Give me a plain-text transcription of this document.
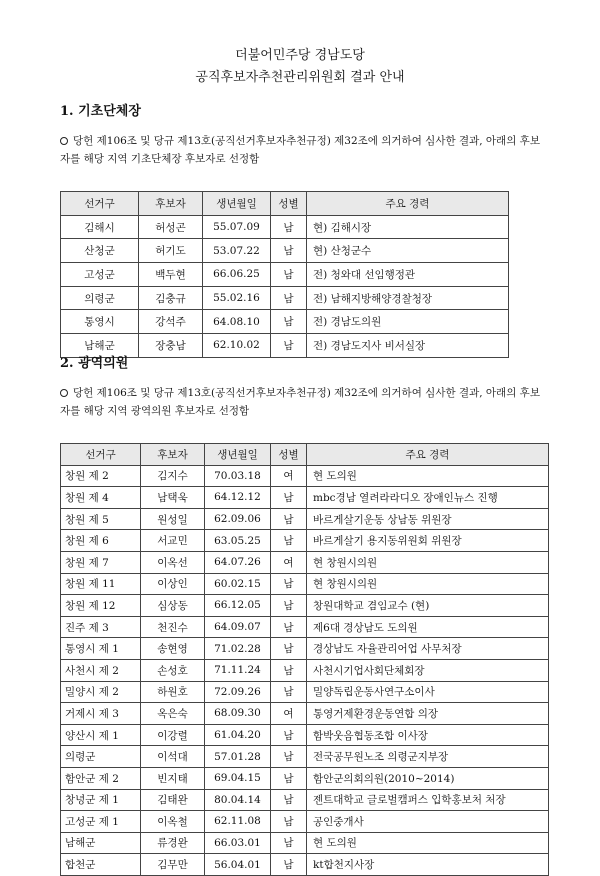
더불어민주당 경남도당
공직후보자추천관리위원회 결과 안내
1. 기초단체장
당헌 제106조 및 당규 제13호(공직선거후보자추천규정) 제32조에 의거하여 심사한 결과, 아래의 후보자를 해당 지역 기초단체장 후보자로 선정함
선거구	후보자	생년월일	성별	주요 경력
김해시	허성곤	55.07.09	남	현) 김해시장
산청군	허기도	53.07.22	남	현) 산청군수
고성군	백두현	66.06.25	남	전) 청와대 선임행정관
의령군	김충규	55.02.16	남	전) 남해지방해양경찰청장
통영시	강석주	64.08.10	남	전) 경남도의원
남해군	장충남	62.10.02	남	전) 경남도지사 비서실장
2. 광역의원
당헌 제106조 및 당규 제13호(공직선거후보자추천규정) 제32조에 의거하여 심사한 결과, 아래의 후보자를 해당 지역 광역의원 후보자로 선정함
선거구	후보자	생년월일	성별	주요 경력
창원 제 2	김지수	70.03.18	여	현 도의원
창원 제 4	남택욱	64.12.12	남	mbc경남 열려라라디오 장애인뉴스 진행
창원 제 5	원성일	62.09.06	남	바르게살기운동 상남동 위원장
창원 제 6	서교민	63.05.25	남	바르게살기 용지동위원회 위원장
창원 제 7	이옥선	64.07.26	여	현 창원시의원
창원 제 11	이상인	60.02.15	남	현 창원시의원
창원 제 12	심상동	66.12.05	남	창원대학교 겸임교수 (현)
진주 제 3	천진수	64.09.07	남	제6대 경상남도 도의원
통영시 제 1	송현영	71.02.28	남	경상남도 자율관리어업 사무처장
사천시 제 2	손성호	71.11.24	남	사천시기업사회단체회장
밀양시 제 2	하원호	72.09.26	남	밀양독립운동사연구소이사
거제시 제 3	옥은숙	68.09.30	여	통영거제환경운동연합 의장
양산시 제 1	이강렬	61.04.20	남	함박웃음협동조합 이사장
의령군	이석대	57.01.28	남	전국공무원노조 의령군지부장
함안군 제 2	빈지태	69.04.15	남	함안군의회의원(2010~2014)
창녕군 제 1	김태완	80.04.14	남	젠트대학교 글로벌캠퍼스 입학홍보처 처장
고성군 제 1	이옥철	62.11.08	남	공인중개사
남해군	류경완	66.03.01	남	현 도의원
합천군	김무만	56.04.01	남	kt합천지사장
